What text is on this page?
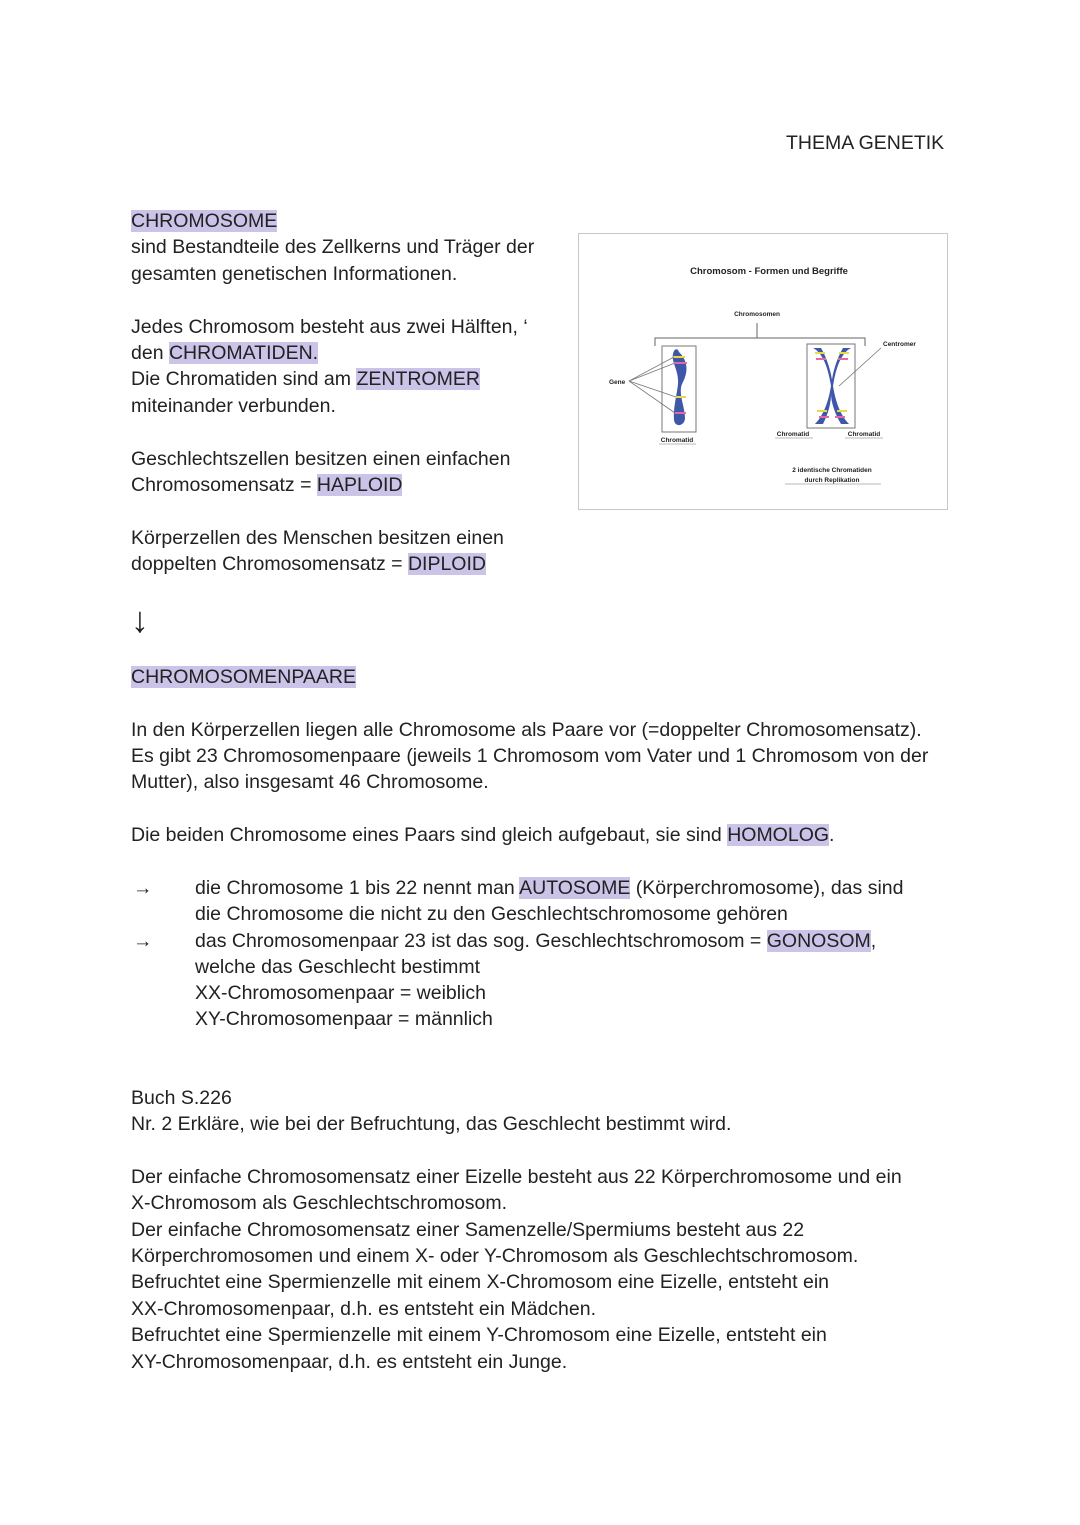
THEMA GENETIK

CHROMOSOME

sind Bestandteile des Zellkerns und Träger der

gesamten genetischen Informationen.

Jedes Chromosom besteht aus zwei Hälften, ‘

den CHROMATIDEN.

Die Chromatiden sind am ZENTROMER

miteinander verbunden.

Geschlechtszellen besitzen einen einfachen

Chromosomensatz = HAPLOID

Körperzellen des Menschen besitzen einen

doppelten Chromosomensatz = DIPLOID

↓
Chromosom - Formen und Begriffe
Chromosomen
Gene
Chromatid
Centromer
Chromatid	Chromatid
2 identische Chromatiden
durch Replikation

CHROMOSOMENPAARE

In den Körperzellen liegen alle Chromosome als Paare vor (=doppelter Chromosomensatz).

Es gibt 23 Chromosomenpaare (jeweils 1 Chromosom vom Vater und 1 Chromosom von der

Mutter), also insgesamt 46 Chromosome.

Die beiden Chromosome eines Paars sind gleich aufgebaut, sie sind HOMOLOG.

→ die Chromosome 1 bis 22 nennt man AUTOSOME (Körperchromosome), das sind

die Chromosome die nicht zu den Geschlechtschromosome gehören

→ das Chromosomenpaar 23 ist das sog. Geschlechtschromosom = GONOSOM,

welche das Geschlecht bestimmt

XX-Chromosomenpaar = weiblich

XY-Chromosomenpaar = männlich

Buch S.226

Nr. 2 Erkläre, wie bei der Befruchtung, das Geschlecht bestimmt wird.

Der einfache Chromosomensatz einer Eizelle besteht aus 22 Körperchromosome und ein

X-Chromosom als Geschlechtschromosom.

Der einfache Chromosomensatz einer Samenzelle/Spermiums besteht aus 22

Körperchromosomen und einem X- oder Y-Chromosom als Geschlechtschromosom.

Befruchtet eine Spermienzelle mit einem X-Chromosom eine Eizelle, entsteht ein

XX-Chromosomenpaar, d.h. es entsteht ein Mädchen.

Befruchtet eine Spermienzelle mit einem Y-Chromosom eine Eizelle, entsteht ein

XY-Chromosomenpaar, d.h. es entsteht ein Junge.
